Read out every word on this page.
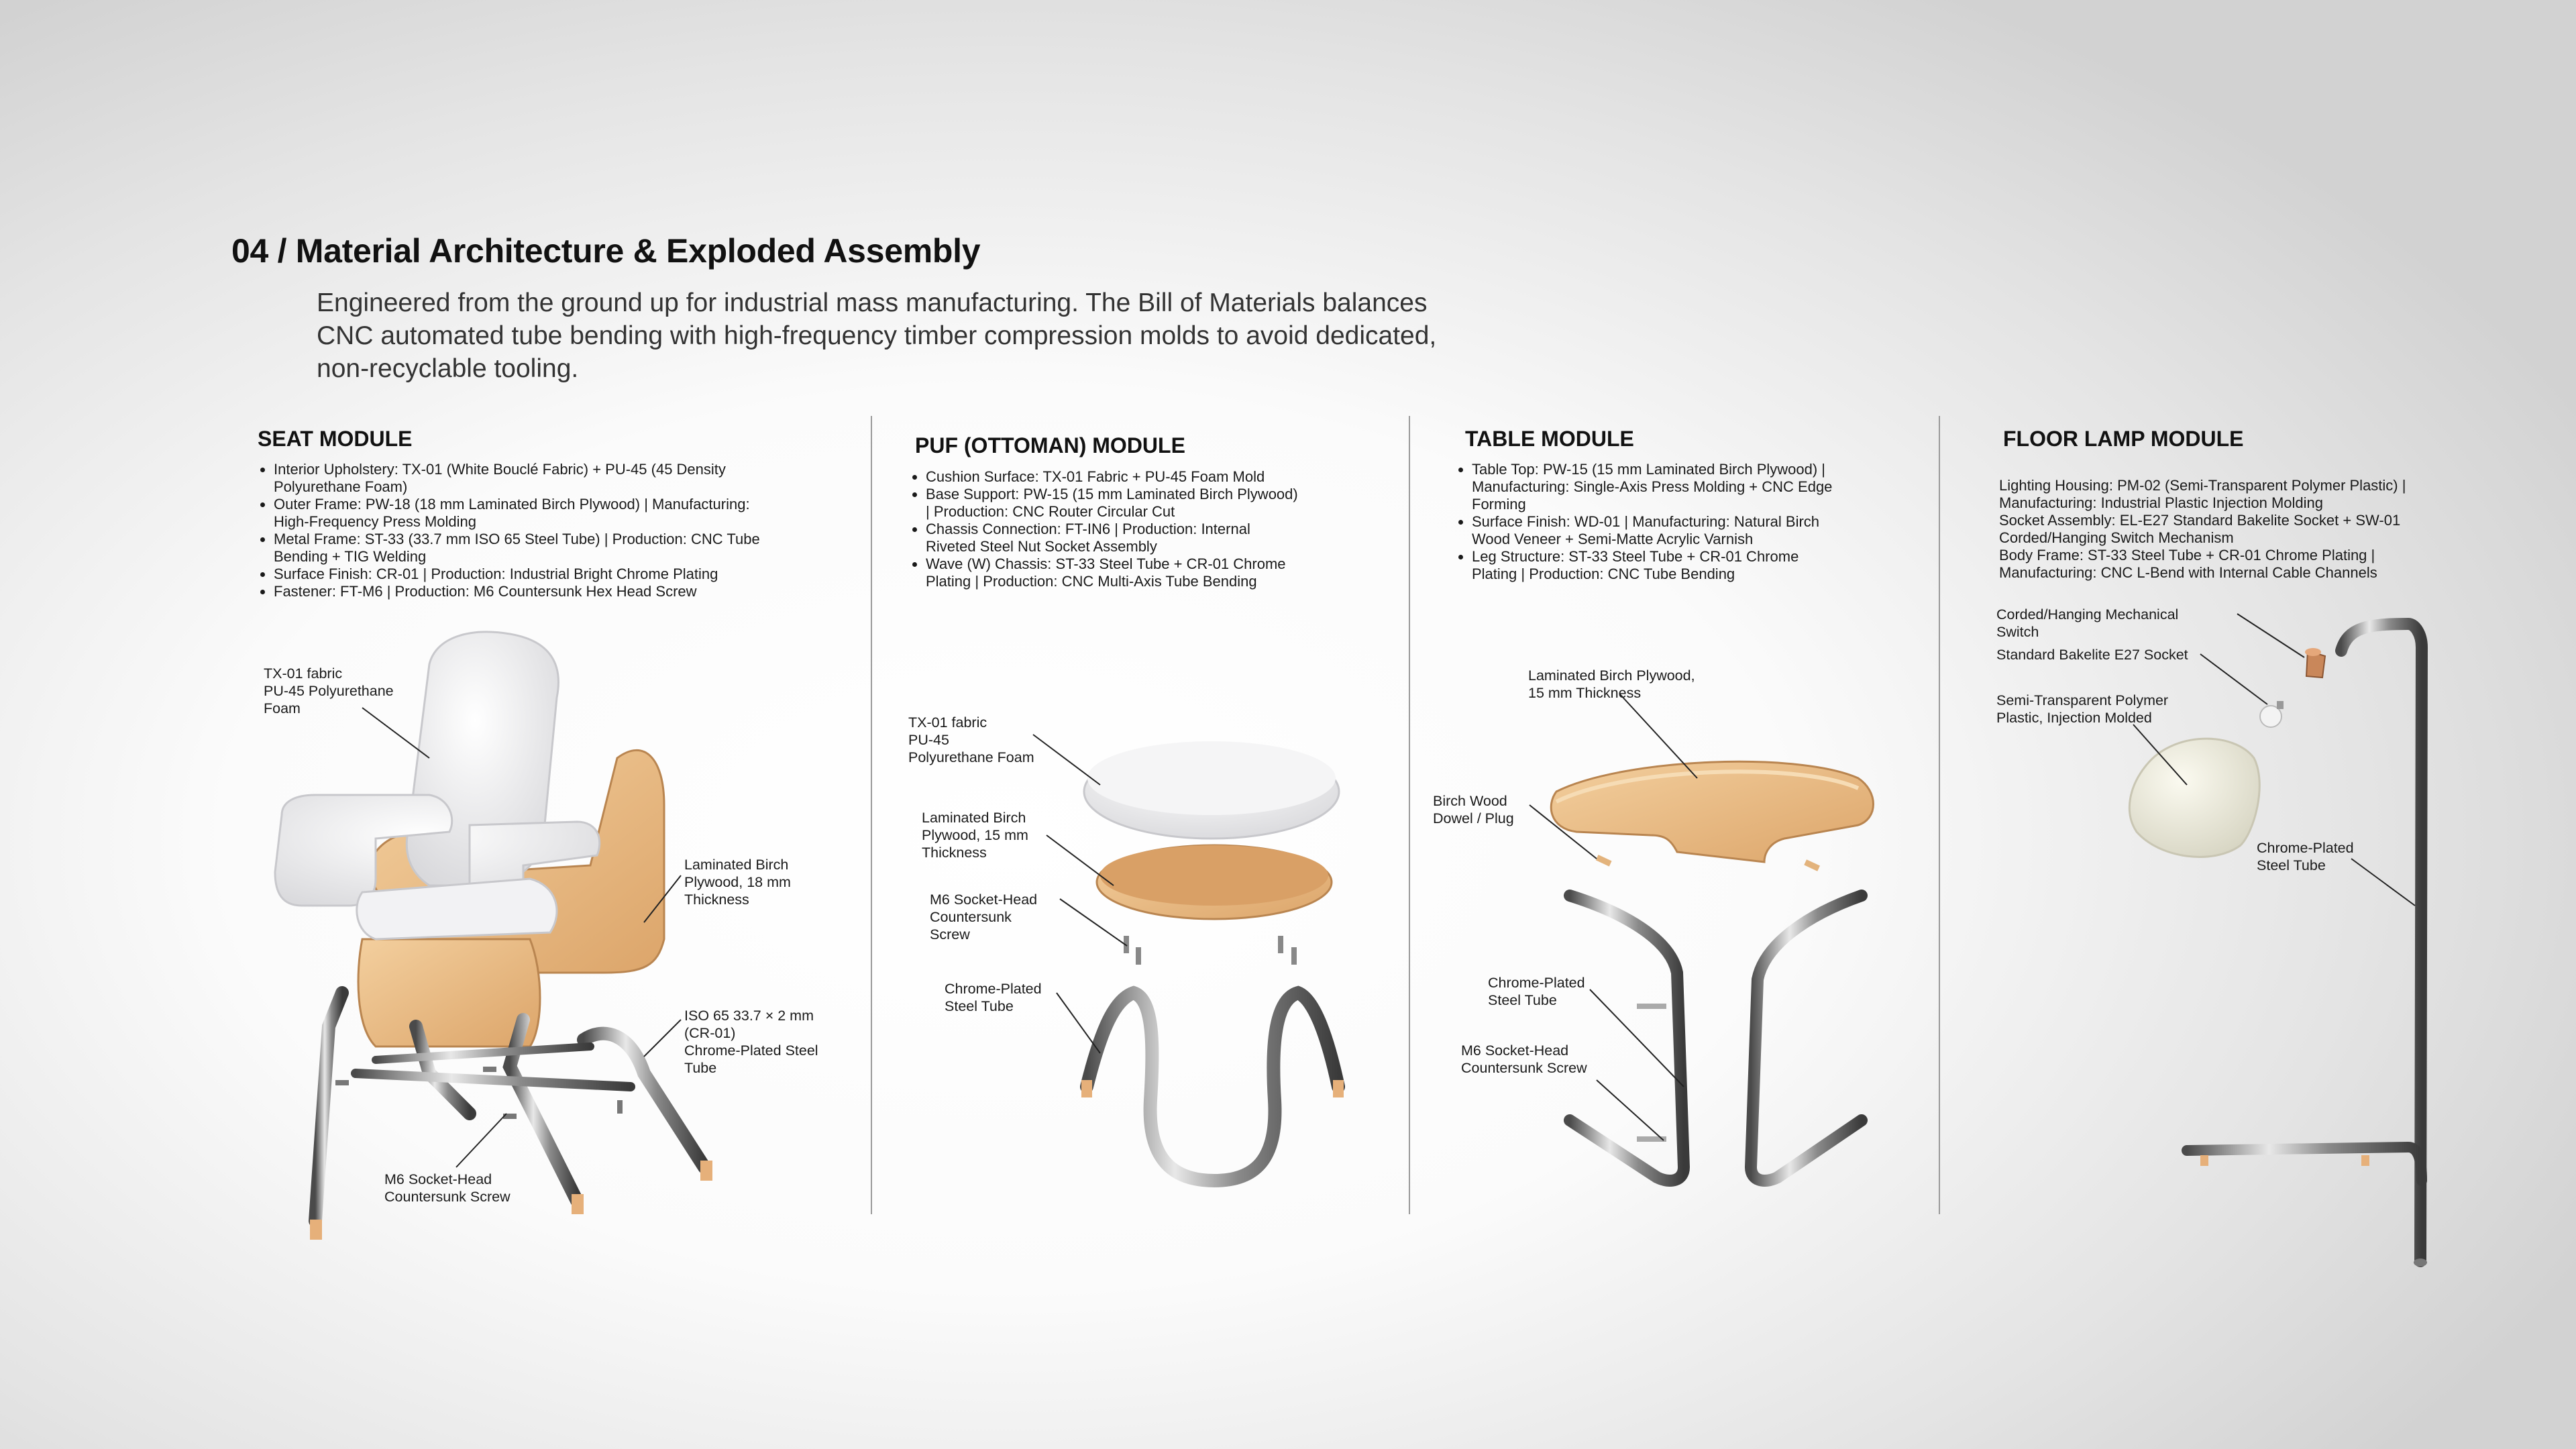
04 / Material Architecture & Exploded Assembly
Engineered from the ground up for industrial mass manufacturing. The Bill of Materials balances CNC automated tube bending with high-frequency timber compression molds to avoid dedicated, non-recyclable tooling.
SEAT MODULE
• Interior Upholstery: TX-01 (White Bouclé Fabric) + PU-45 (45 Density Polyurethane Foam)
• Outer Frame: PW-18 (18 mm Laminated Birch Plywood) | Manufacturing: High-Frequency Press Molding
• Metal Frame: ST-33 (33.7 mm ISO 65 Steel Tube) | Production: CNC Tube Bending + TIG Welding
• Surface Finish: CR-01 | Production: Industrial Bright Chrome Plating
• Fastener: FT-M6 | Production: M6 Countersunk Hex Head Screw
TX-01 fabric
PU-45 Polyurethane
Foam
Laminated Birch
Plywood, 18 mm
Thickness
ISO 65 33.7 × 2 mm
(CR-01)
Chrome-Plated Steel
Tube
M6 Socket-Head
Countersunk Screw
PUF (OTTOMAN) MODULE
• Cushion Surface: TX-01 Fabric + PU-45 Foam Mold
• Base Support: PW-15 (15 mm Laminated Birch Plywood) | Production: CNC Router Circular Cut
• Chassis Connection: FT-IN6 | Production: Internal Riveted Steel Nut Socket Assembly
• Wave (W) Chassis: ST-33 Steel Tube + CR-01 Chrome Plating | Production: CNC Multi-Axis Tube Bending
TX-01 fabric
PU-45
Polyurethane Foam
Laminated Birch
Plywood, 15 mm
Thickness
M6 Socket-Head
Countersunk
Screw
Chrome-Plated
Steel Tube
TABLE MODULE
• Table Top: PW-15 (15 mm Laminated Birch Plywood) | Manufacturing: Single-Axis Press Molding + CNC Edge Forming
• Surface Finish: WD-01 | Manufacturing: Natural Birch Wood Veneer + Semi-Matte Acrylic Varnish
• Leg Structure: ST-33 Steel Tube + CR-01 Chrome Plating | Production: CNC Tube Bending
Laminated Birch Plywood,
15 mm Thickness
Birch Wood
Dowel / Plug
Chrome-Plated
Steel Tube
M6 Socket-Head
Countersunk Screw
FLOOR LAMP MODULE
Lighting Housing: PM-02 (Semi-Transparent Polymer Plastic) |
Manufacturing: Industrial Plastic Injection Molding
Socket Assembly: EL-E27 Standard Bakelite Socket + SW-01
Corded/Hanging Switch Mechanism
Body Frame: ST-33 Steel Tube + CR-01 Chrome Plating |
Manufacturing: CNC L-Bend with Internal Cable Channels
Corded/Hanging Mechanical
Switch
Standard Bakelite E27 Socket
Semi-Transparent Polymer
Plastic, Injection Molded
Chrome-Plated
Steel Tube
